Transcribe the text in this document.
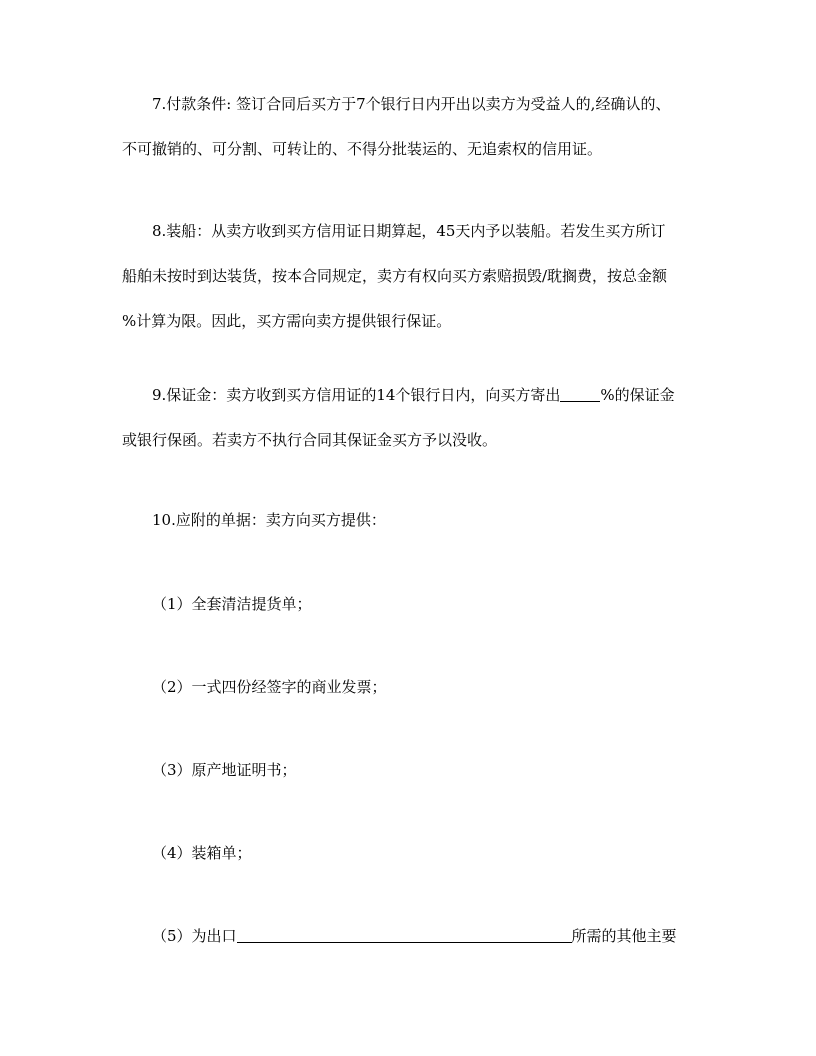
7.付款条件: 签订合同后买方于7个银行日内开出以卖方为受益人的,经确认的、
不可撤销的、可分割、可转让的、不得分批装运的、无追索权的信用证。
8.装船：从卖方收到买方信用证日期算起，45天内予以装船。若发生买方所订
船舶未按时到达装货，按本合同规定，卖方有权向买方索赔损毁/耽搁费，按总金额
%计算为限。因此，买方需向卖方提供银行保证。
9.保证金：卖方收到买方信用证的14个银行日内，向买方寄出	%的保证金
或银行保函。若卖方不执行合同其保证金买方予以没收。
10.应附的单据：卖方向买方提供：
（1）全套清洁提货单；
（2）一式四份经签字的商业发票；
（3）原产地证明书；
（4）装箱单；
（5）为出口	所需的其他主要
